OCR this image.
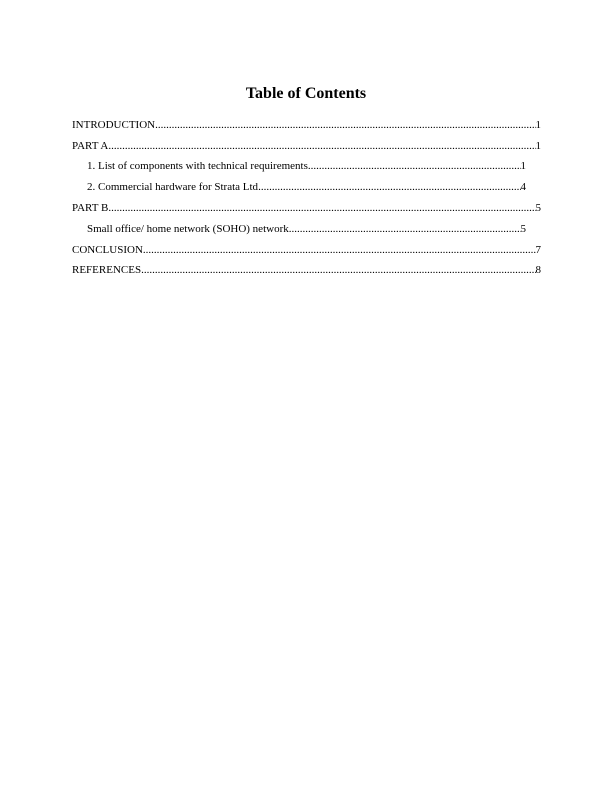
Table of Contents
INTRODUCTION .....	1
PART A .....	1
1. List of components with technical requirements .....	1
2. Commercial hardware for Strata Ltd .....	4
PART B .....	5
Small office/ home network (SOHO) network .....	5
CONCLUSION .....	7
REFERENCES .....	8
